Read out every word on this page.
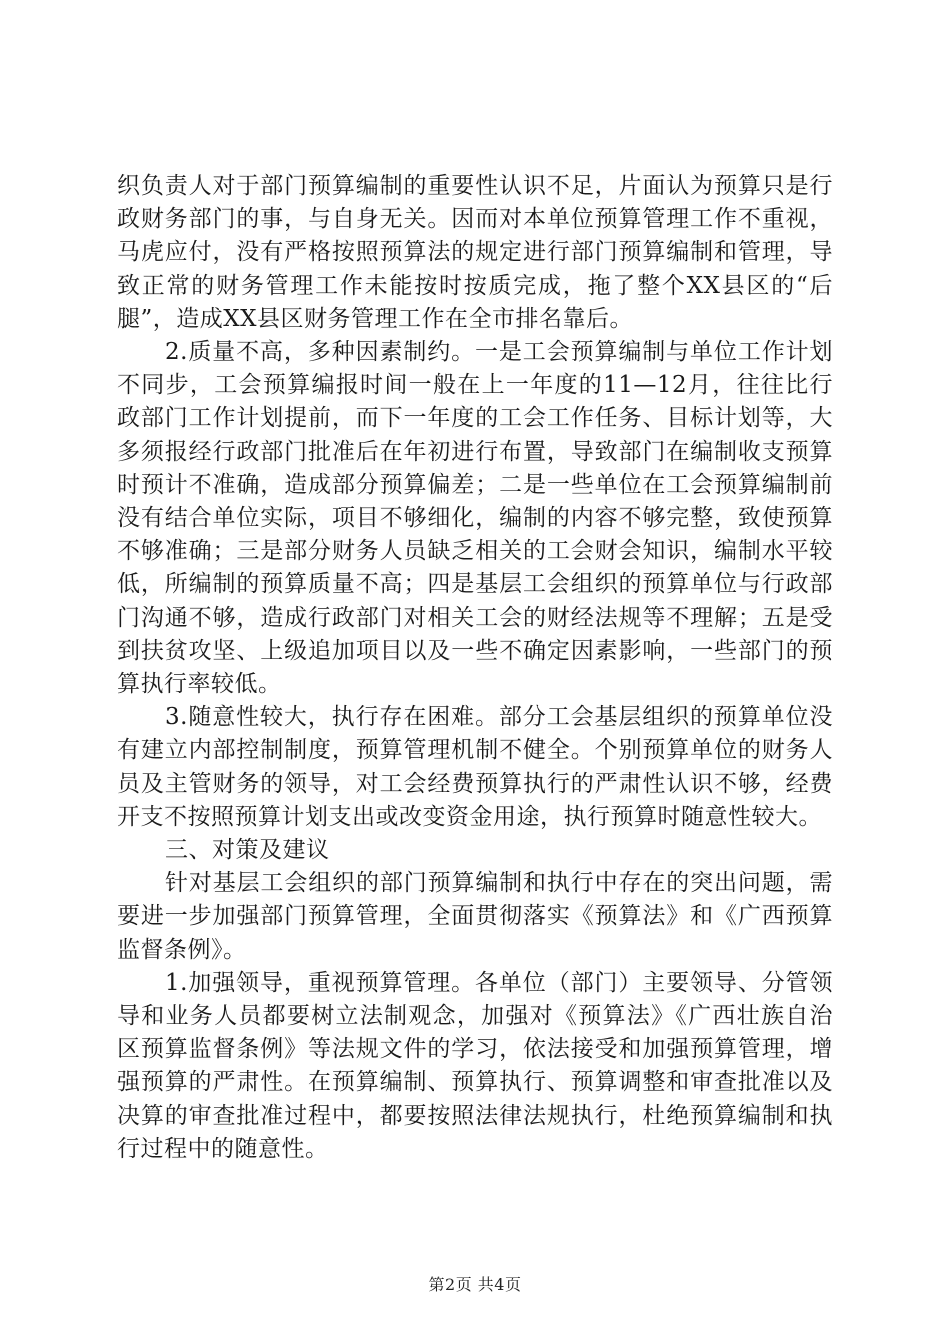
织负责人对于部门预算编制的重要性认识不足，片面认为预算只是行政财务部门的事，与自身无关。因而对本单位预算管理工作不重视，马虎应付，没有严格按照预算法的规定进行部门预算编制和管理，导致正常的财务管理工作未能按时按质完成，拖了整个XX县区的“后腿”，造成XX县区财务管理工作在全市排名靠后。

2.质量不高，多种因素制约。一是工会预算编制与单位工作计划不同步，工会预算编报时间一般在上一年度的11—12月，往往比行政部门工作计划提前，而下一年度的工会工作任务、目标计划等，大多须报经行政部门批准后在年初进行布置，导致部门在编制收支预算时预计不准确，造成部分预算偏差；二是一些单位在工会预算编制前没有结合单位实际，项目不够细化，编制的内容不够完整，致使预算不够准确；三是部分财务人员缺乏相关的工会财会知识，编制水平较低，所编制的预算质量不高；四是基层工会组织的预算单位与行政部门沟通不够，造成行政部门对相关工会的财经法规等不理解；五是受到扶贫攻坚、上级追加项目以及一些不确定因素影响，一些部门的预算执行率较低。

3.随意性较大，执行存在困难。部分工会基层组织的预算单位没有建立内部控制制度，预算管理机制不健全。个别预算单位的财务人员及主管财务的领导，对工会经费预算执行的严肃性认识不够，经费开支不按照预算计划支出或改变资金用途，执行预算时随意性较大。

三、对策及建议

针对基层工会组织的部门预算编制和执行中存在的突出问题，需要进一步加强部门预算管理，全面贯彻落实《预算法》和《广西预算监督条例》。

1.加强领导，重视预算管理。各单位（部门）主要领导、分管领导和业务人员都要树立法制观念，加强对《预算法》《广西壮族自治区预算监督条例》等法规文件的学习，依法接受和加强预算管理，增强预算的严肃性。在预算编制、预算执行、预算调整和审查批准以及决算的审查批准过程中，都要按照法律法规执行，杜绝预算编制和执行过程中的随意性。

第2页 共4页
